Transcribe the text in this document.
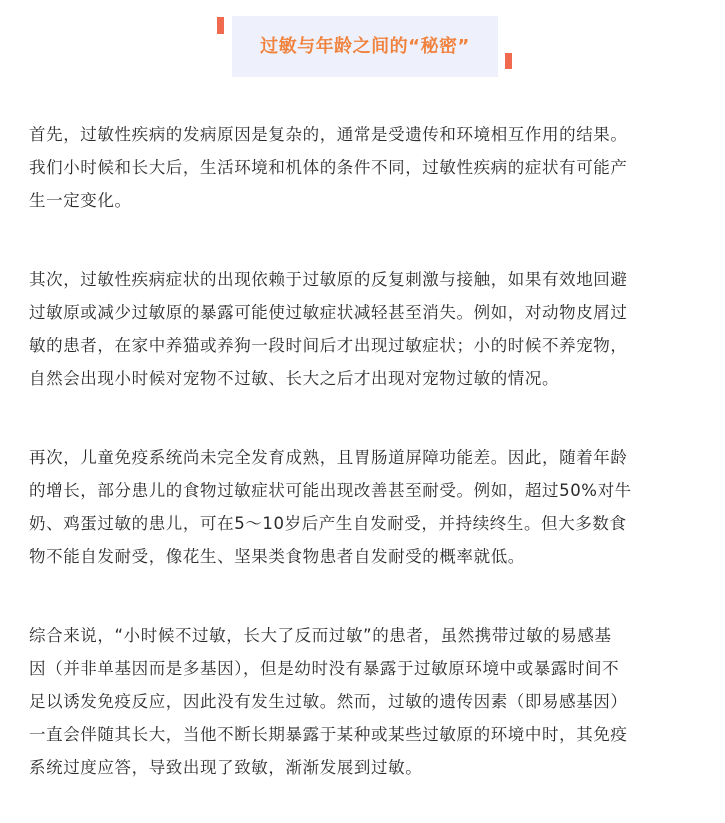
过敏与年龄之间的“秘密”

首先，过敏性疾病的发病原因是复杂的，通常是受遗传和环境相互作用的结果。
我们小时候和长大后，生活环境和机体的条件不同，过敏性疾病的症状有可能产
生一定变化。

其次，过敏性疾病症状的出现依赖于过敏原的反复刺激与接触，如果有效地回避
过敏原或减少过敏原的暴露可能使过敏症状减轻甚至消失。例如，对动物皮屑过
敏的患者，在家中养猫或养狗一段时间后才出现过敏症状；小的时候不养宠物，
自然会出现小时候对宠物不过敏、长大之后才出现对宠物过敏的情况。

再次，儿童免疫系统尚未完全发育成熟，且胃肠道屏障功能差。因此，随着年龄
的增长，部分患儿的食物过敏症状可能出现改善甚至耐受。例如，超过50%对牛
奶、鸡蛋过敏的患儿，可在5～10岁后产生自发耐受，并持续终生。但大多数食
物不能自发耐受，像花生、坚果类食物患者自发耐受的概率就低。

综合来说，“小时候不过敏，长大了反而过敏”的患者，虽然携带过敏的易感基
因（并非单基因而是多基因），但是幼时没有暴露于过敏原环境中或暴露时间不
足以诱发免疫反应，因此没有发生过敏。然而，过敏的遗传因素（即易感基因）
一直会伴随其长大，当他不断长期暴露于某种或某些过敏原的环境中时，其免疫
系统过度应答，导致出现了致敏，渐渐发展到过敏。
